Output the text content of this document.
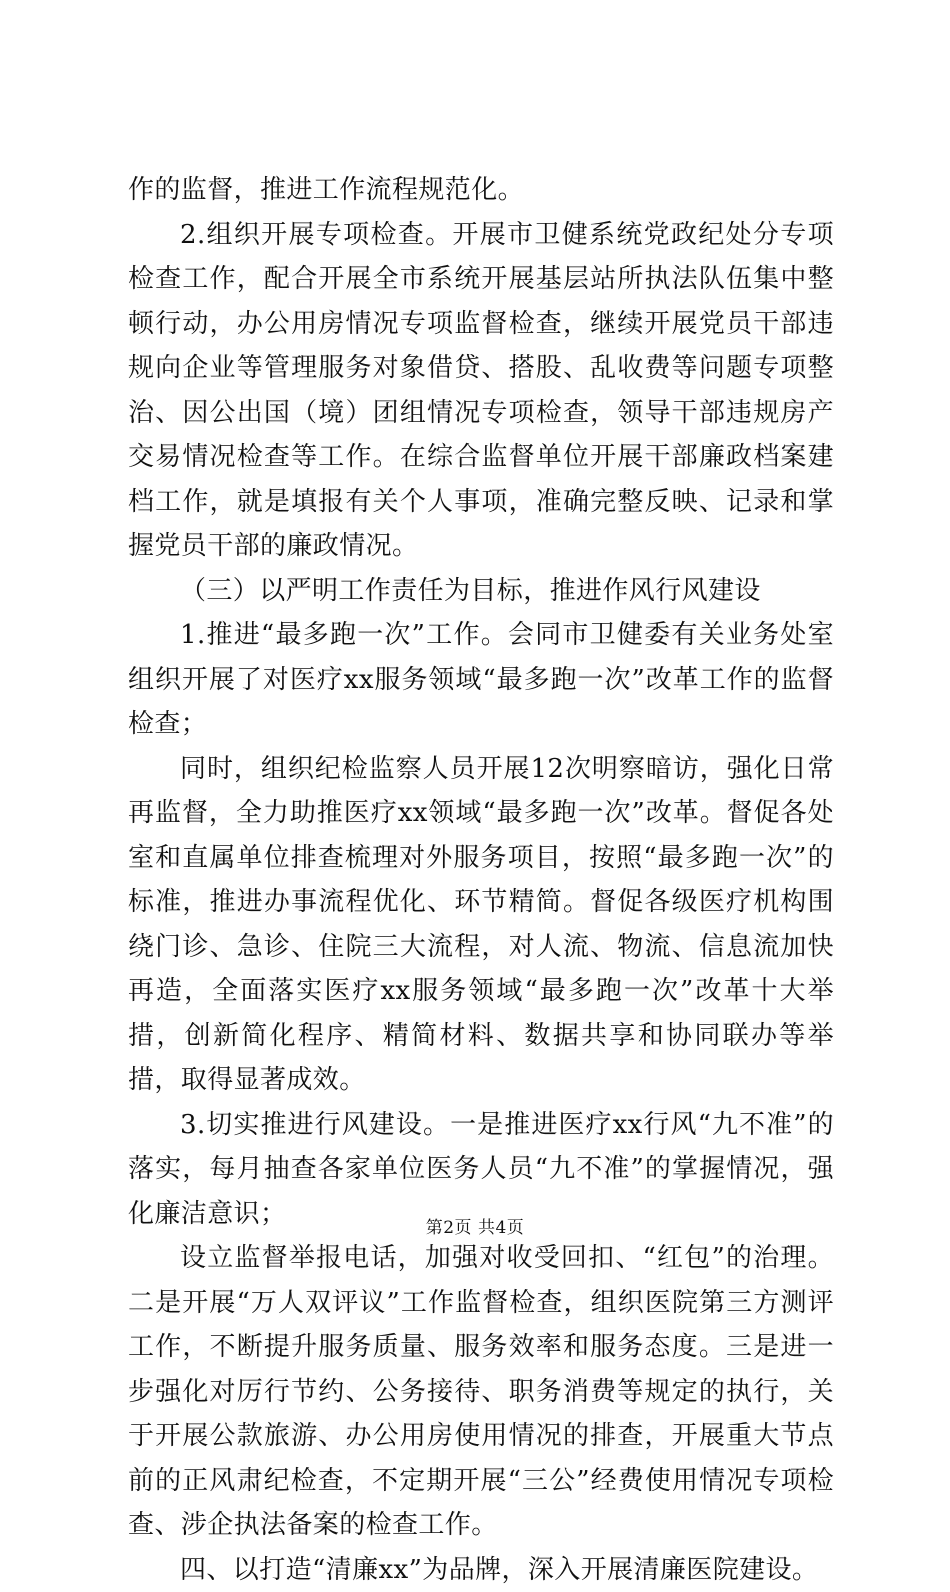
作的监督，推进工作流程规范化。

2.组织开展专项检查。开展市卫健系统党政纪处分专项检查工作，配合开展全市系统开展基层站所执法队伍集中整顿行动，办公用房情况专项监督检查，继续开展党员干部违规向企业等管理服务对象借贷、搭股、乱收费等问题专项整治、因公出国（境）团组情况专项检查，领导干部违规房产交易情况检查等工作。在综合监督单位开展干部廉政档案建档工作，就是填报有关个人事项，准确完整反映、记录和掌握党员干部的廉政情况。

（三）以严明工作责任为目标，推进作风行风建设

1.推进“最多跑一次”工作。会同市卫健委有关业务处室组织开展了对医疗xx服务领域“最多跑一次”改革工作的监督检查；

同时，组织纪检监察人员开展12次明察暗访，强化日常再监督，全力助推医疗xx领域“最多跑一次”改革。督促各处室和直属单位排查梳理对外服务项目，按照“最多跑一次”的标准，推进办事流程优化、环节精简。督促各级医疗机构围绕门诊、急诊、住院三大流程，对人流、物流、信息流加快再造，全面落实医疗xx服务领域“最多跑一次”改革十大举措，创新简化程序、精简材料、数据共享和协同联办等举措，取得显著成效。

3.切实推进行风建设。一是推进医疗xx行风“九不准”的落实，每月抽查各家单位医务人员“九不准”的掌握情况，强化廉洁意识；

设立监督举报电话，加强对收受回扣、“红包”的治理。二是开展“万人双评议”工作监督检查，组织医院第三方测评工作，不断提升服务质量、服务效率和服务态度。三是进一步强化对厉行节约、公务接待、职务消费等规定的执行，关于开展公款旅游、办公用房使用情况的排查，开展重大节点前的正风肃纪检查，不定期开展“三公”经费使用情况专项检查、涉企执法备案的检查工作。

四、以打造“清廉xx”为品牌，深入开展清廉医院建设。

第2页 共4页
